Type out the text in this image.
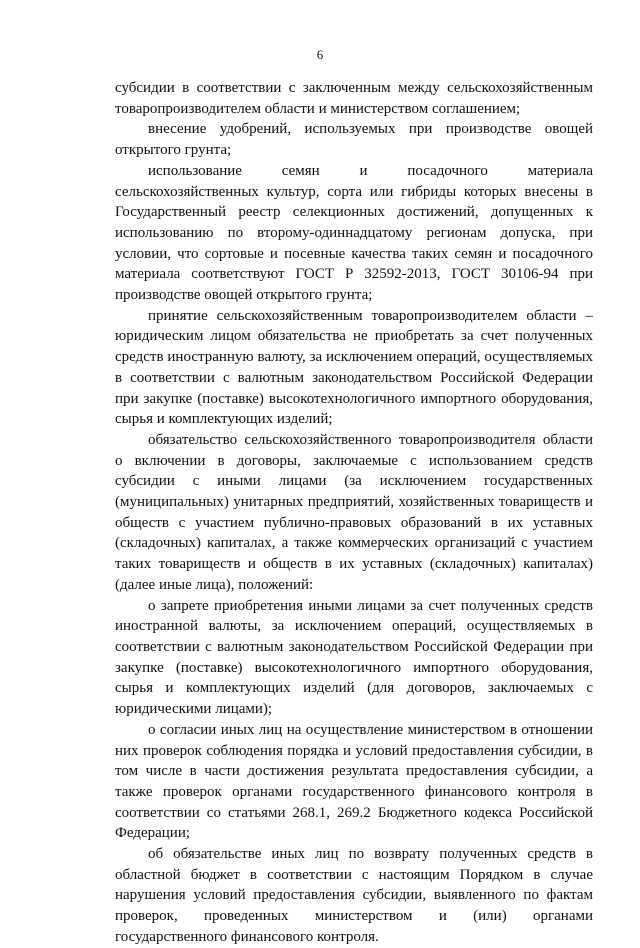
6

субсидии в соответствии с заключенным между сельскохозяйственным товаропроизводителем области и министерством соглашением;

внесение удобрений, используемых при производстве овощей открытого грунта;

использование семян и посадочного материала сельскохозяйственных культур, сорта или гибриды которых внесены в Государственный реестр селекционных достижений, допущенных к использованию по второму-одиннадцатому регионам допуска, при условии, что сортовые и посевные качества таких семян и посадочного материала соответствуют ГОСТ Р 32592-2013, ГОСТ 30106-94 при производстве овощей открытого грунта;

принятие сельскохозяйственным товаропроизводителем области – юридическим лицом обязательства не приобретать за счет полученных средств иностранную валюту, за исключением операций, осуществляемых в соответствии с валютным законодательством Российской Федерации при закупке (поставке) высокотехнологичного импортного оборудования, сырья и комплектующих изделий;

обязательство сельскохозяйственного товаропроизводителя области о включении в договоры, заключаемые с использованием средств субсидии с иными лицами (за исключением государственных (муниципальных) унитарных предприятий, хозяйственных товариществ и обществ с участием публично-правовых образований в их уставных (складочных) капиталах, а также коммерческих организаций с участием таких товариществ и обществ в их уставных (складочных) капиталах) (далее иные лица), положений:

о запрете приобретения иными лицами за счет полученных средств иностранной валюты, за исключением операций, осуществляемых в соответствии с валютным законодательством Российской Федерации при закупке (поставке) высокотехнологичного импортного оборудования, сырья и комплектующих изделий (для договоров, заключаемых с юридическими лицами);

о согласии иных лиц на осуществление министерством в отношении них проверок соблюдения порядка и условий предоставления субсидии, в том числе в части достижения результата предоставления субсидии, а также проверок органами государственного финансового контроля в соответствии со статьями 268.1, 269.2 Бюджетного кодекса Российской Федерации;

об обязательстве иных лиц по возврату полученных средств в областной бюджет в соответствии с настоящим Порядком в случае нарушения условий предоставления субсидии, выявленного по фактам проверок, проведенных министерством и (или) органами государственного финансового контроля.
